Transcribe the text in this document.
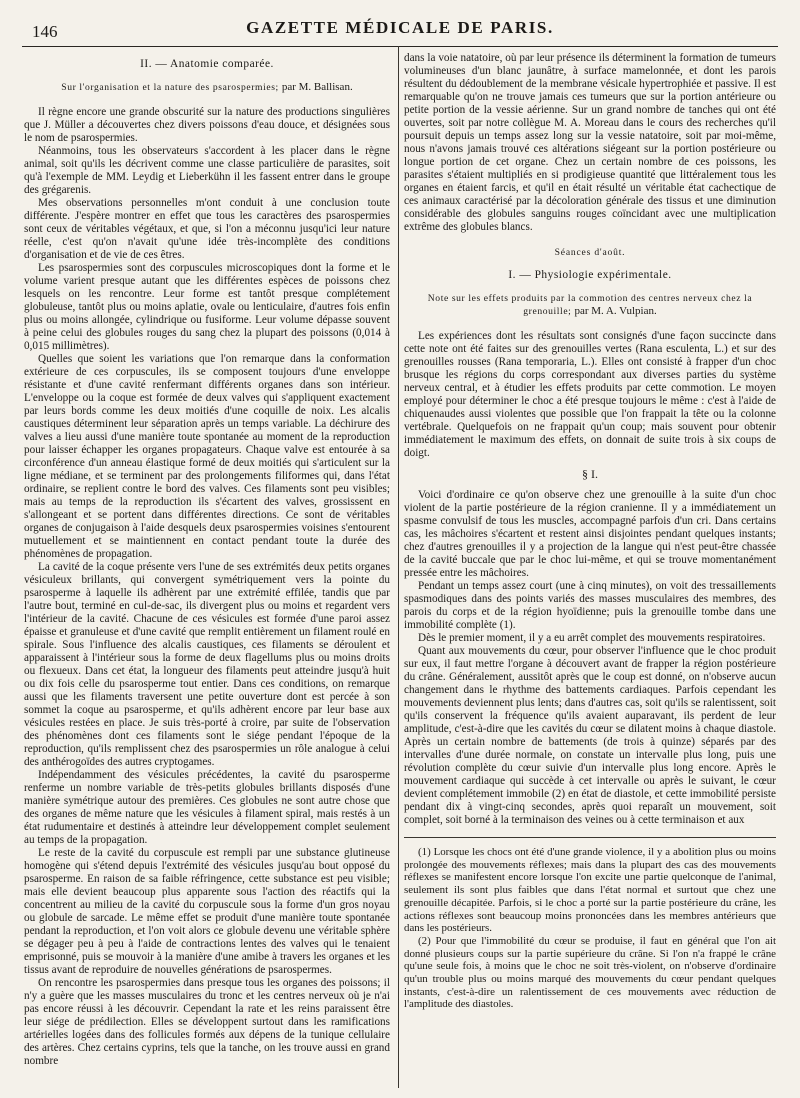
146	GAZETTE MÉDICALE DE PARIS.
II. — Anatomie comparée.
Sur l'organisation et la nature des psarospermies; par M. Ballisan.

Il règne encore une grande obscurité sur la nature des productions singulières que J. Müller a découvertes chez divers poissons d'eau douce, et désignées sous le nom de psarospermies.

Néanmoins, tous les observateurs s'accordent à les placer dans le règne animal, soit qu'ils les décrivent comme une classe particulière de parasites, soit qu'à l'exemple de MM. Leydig et Lieberkühn il les fassent entrer dans le groupe des grégarenis.

Mes observations personnelles m'ont conduit à une conclusion toute différente. J'espère montrer en effet que tous les caractères des psarospermies sont ceux de véritables végétaux, et que, si l'on a méconnu jusqu'ici leur nature réelle, c'est qu'on n'avait qu'une idée très-incomplète des conditions d'organisation et de vie de ces êtres.

Les psarospermies sont des corpuscules microscopiques dont la forme et le volume varient presque autant que les différentes espèces de poissons chez lesquels on les rencontre. Leur forme est tantôt presque complétement globuleuse, tantôt plus ou moins aplatie, ovale ou lenticulaire, d'autres fois enfin plus ou moins allongée, cylindrique ou fusiforme. Leur volume dépasse souvent à peine celui des globules rouges du sang chez la plupart des poissons (0,014 à 0,015 millimètres).

Quelles que soient les variations que l'on remarque dans la conformation extérieure de ces corpuscules, ils se composent toujours d'une enveloppe résistante et d'une cavité renfermant différents organes dans son intérieur. L'enveloppe ou la coque est formée de deux valves qui s'appliquent exactement par leurs bords comme les deux moitiés d'une coquille de noix. Les alcalis caustiques déterminent leur séparation après un temps variable. La déchirure des valves a lieu aussi d'une manière toute spontanée au moment de la reproduction pour laisser échapper les organes propagateurs. Chaque valve est entourée à sa circonférence d'un anneau élastique formé de deux moitiés qui s'articulent sur la ligne médiane, et se terminent par des prolongements filiformes qui, dans l'état ordinaire, se replient contre le bord des valves. Ces filaments sont peu visibles; mais au temps de la reproduction ils s'écartent des valves, grossissent en s'allongeant et se portent dans différentes directions. Ce sont de véritables organes de conjugaison à l'aide desquels deux psarospermies voisines s'entourent mutuellement et se maintiennent en contact pendant toute la durée des phénomènes de propagation.

La cavité de la coque présente vers l'une de ses extrémités deux petits organes vésiculeux brillants, qui convergent symétriquement vers la pointe du psarosperme à laquelle ils adhèrent par une extrémité effilée, tandis que par l'autre bout, terminé en cul-de-sac, ils divergent plus ou moins et regardent vers l'intérieur de la cavité. Chacune de ces vésicules est formée d'une paroi assez épaisse et granuleuse et d'une cavité que remplit entièrement un filament roulé en spirale. Sous l'influence des alcalis caustiques, ces filaments se déroulent et apparaissent à l'intérieur sous la forme de deux flagellums plus ou moins droits ou flexueux. Dans cet état, la longueur des filaments peut atteindre jusqu'à huit ou dix fois celle du psarosperme tout entier. Dans ces conditions, on remarque aussi que les filaments traversent une petite ouverture dont est percée à son sommet la coque au psarosperme, et qu'ils adhèrent encore par leur base aux vésicules restées en place. Je suis très-porté à croire, par suite de l'observation des phénomènes dont ces filaments sont le siége pendant l'époque de la reproduction, qu'ils remplissent chez des psarospermies un rôle analogue à celui des anthérogoïdes des autres cryptogames.

Indépendamment des vésicules précédentes, la cavité du psarosperme renferme un nombre variable de très-petits globules brillants disposés d'une manière symétrique autour des premières. Ces globules ne sont autre chose que des organes de même nature que les vésicules à filament spiral, mais restés à un état rudumentaire et destinés à atteindre leur développement complet seulement au temps de la propagation.

Le reste de la cavité du corpuscule est rempli par une substance glutineuse homogène qui s'étend depuis l'extrémité des vésicules jusqu'au bout opposé du psarosperme. En raison de sa faible réfringence, cette substance est peu visible; mais elle devient beaucoup plus apparente sous l'action des réactifs qui la concentrent au milieu de la cavité du corpuscule sous la forme d'un gros noyau ou globule de sarcade. Le même effet se produit d'une manière toute spontanée pendant la reproduction, et l'on voit alors ce globule devenu une véritable sphère se dégager peu à peu à l'aide de contractions lentes des valves qui le tenaient emprisonné, puis se mouvoir à la manière d'une amibe à travers les organes et les tissus avant de reproduire de nouvelles générations de psarospermes.

On rencontre les psarospermies dans presque tous les organes des poissons; il n'y a guère que les masses musculaires du tronc et les centres nerveux où je n'ai pas encore réussi à les découvrir. Cependant la rate et les reins paraissent être leur siége de prédilection. Elles se développent surtout dans les ramifications artérielles logées dans des follicules formés aux dépens de la tunique cellulaire des artères. Chez certains cyprins, tels que la tanche, on les trouve aussi en grand nombre

dans la voie natatoire, où par leur présence ils déterminent la formation de tumeurs volumineuses d'un blanc jaunâtre, à surface mamelonnée, et dont les parois résultent du dédoublement de la membrane vésicale hypertrophiée et passive. Il est remarquable qu'on ne trouve jamais ces tumeurs que sur la portion antérieure ou petite portion de la vessie aérienne. Sur un grand nombre de tanches qui ont été ouvertes, soit par notre collègue M. A. Moreau dans le cours des recherches qu'il poursuit depuis un temps assez long sur la vessie natatoire, soit par moi-même, nous n'avons jamais trouvé ces altérations siégeant sur la portion postérieure ou longue portion de cet organe. Chez un certain nombre de ces poissons, les parasites s'étaient multipliés en si prodigieuse quantité que littéralement tous les organes en étaient farcis, et qu'il en était résulté un véritable état cachectique de ces animaux caractérisé par la décoloration générale des tissus et une diminution considérable des globules sanguins rouges coïncidant avec une multiplication extrême des globules blancs.

Séances d'août.
I. — Physiologie expérimentale.
Note sur les effets produits par la commotion des centres nerveux chez la grenouille; par M. A. Vulpian.

Les expériences dont les résultats sont consignés d'une façon succincte dans cette note ont été faites sur des grenouilles vertes (Rana esculenta, L.) et sur des grenouilles rousses (Rana temporaria, L.). Elles ont consisté à frapper d'un choc brusque les régions du corps correspondant aux diverses parties du système nerveux central, et à étudier les effets produits par cette commotion. Le moyen employé pour déterminer le choc a été presque toujours le même : c'est à l'aide de chiquenaudes aussi violentes que possible que l'on frappait la tête ou la colonne vertébrale. Quelquefois on ne frappait qu'un coup; mais souvent pour obtenir immédiatement le maximum des effets, on donnait de suite trois à six coups de doigt.

§ I.

Voici d'ordinaire ce qu'on observe chez une grenouille à la suite d'un choc violent de la partie postérieure de la région cranienne. Il y a immédiatement un spasme convulsif de tous les muscles, accompagné parfois d'un cri. Dans certains cas, les mâchoires s'écartent et restent ainsi disjointes pendant quelques instants; chez d'autres grenouilles il y a projection de la langue qui n'est peut-être chassée de la cavité buccale que par le choc lui-même, et qui se trouve momentanément pressée entre les mâchoires.

Pendant un temps assez court (une à cinq minutes), on voit des tressaillements spasmodiques dans des points variés des masses musculaires des membres, des parois du corps et de la région hyoïdienne; puis la grenouille tombe dans une immobilité complète (1).

Dès le premier moment, il y a eu arrêt complet des mouvements respiratoires.

Quant aux mouvements du cœur, pour observer l'influence que le choc produit sur eux, il faut mettre l'organe à découvert avant de frapper la région postérieure du crâne. Généralement, aussitôt après que le coup est donné, on n'observe aucun changement dans le rhythme des battements cardiaques. Parfois cependant les mouvements deviennent plus lents; dans d'autres cas, soit qu'ils se ralentissent, soit qu'ils conservent la fréquence qu'ils avaient auparavant, ils perdent de leur amplitude, c'est-à-dire que les cavités du cœur se dilatent moins à chaque diastole. Après un certain nombre de battements (de trois à quinze) séparés par des intervalles d'une durée normale, on constate un intervalle plus long, puis une révolution complète du cœur suivie d'un intervalle plus long encore. Après le mouvement cardiaque qui succède à cet intervalle ou après le suivant, le cœur devient complétement immobile (2) en état de diastole, et cette immobilité persiste pendant dix à vingt-cinq secondes, après quoi reparaît un mouvement, soit complet, soit borné à la terminaison des veines ou à cette terminaison et aux

(1) Lorsque les chocs ont été d'une grande violence, il y a abolition plus ou moins prolongée des mouvements réflexes; mais dans la plupart des cas des mouvements réflexes se manifestent encore lorsque l'on excite une partie quelconque de l'animal, seulement ils sont plus faibles que dans l'état normal et surtout que chez une grenouille décapitée. Parfois, si le choc a porté sur la partie postérieure du crâne, les actions réflexes sont beaucoup moins prononcées dans les membres antérieurs que dans les postérieurs.

(2) Pour que l'immobilité du cœur se produise, il faut en général que l'on ait donné plusieurs coups sur la partie supérieure du crâne. Si l'on n'a frappé le crâne qu'une seule fois, à moins que le choc ne soit très-violent, on n'observe d'ordinaire qu'un trouble plus ou moins marqué des mouvements du cœur pendant quelques instants, c'est-à-dire un ralentissement de ces mouvements avec réduction de l'amplitude des diastoles.
